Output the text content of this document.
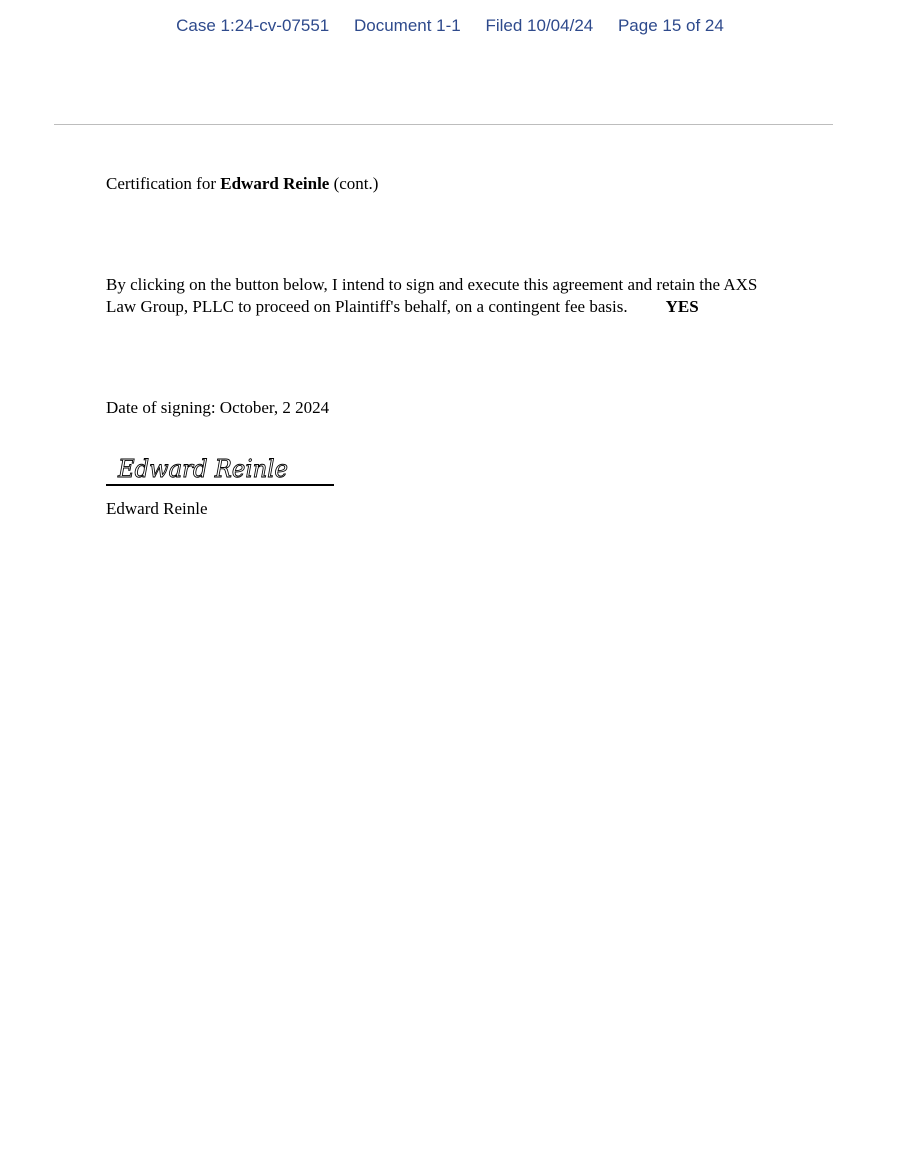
Case 1:24-cv-07551 Document 1-1 Filed 10/04/24 Page 15 of 24
Certification for Edward Reinle (cont.)
By clicking on the button below, I intend to sign and execute this agreement and retain the AXS
Law Group, PLLC to proceed on Plaintiff's behalf, on a contingent fee basis. YES
Date of signing: October, 2 2024
Edward Reinle
Edward Reinle
